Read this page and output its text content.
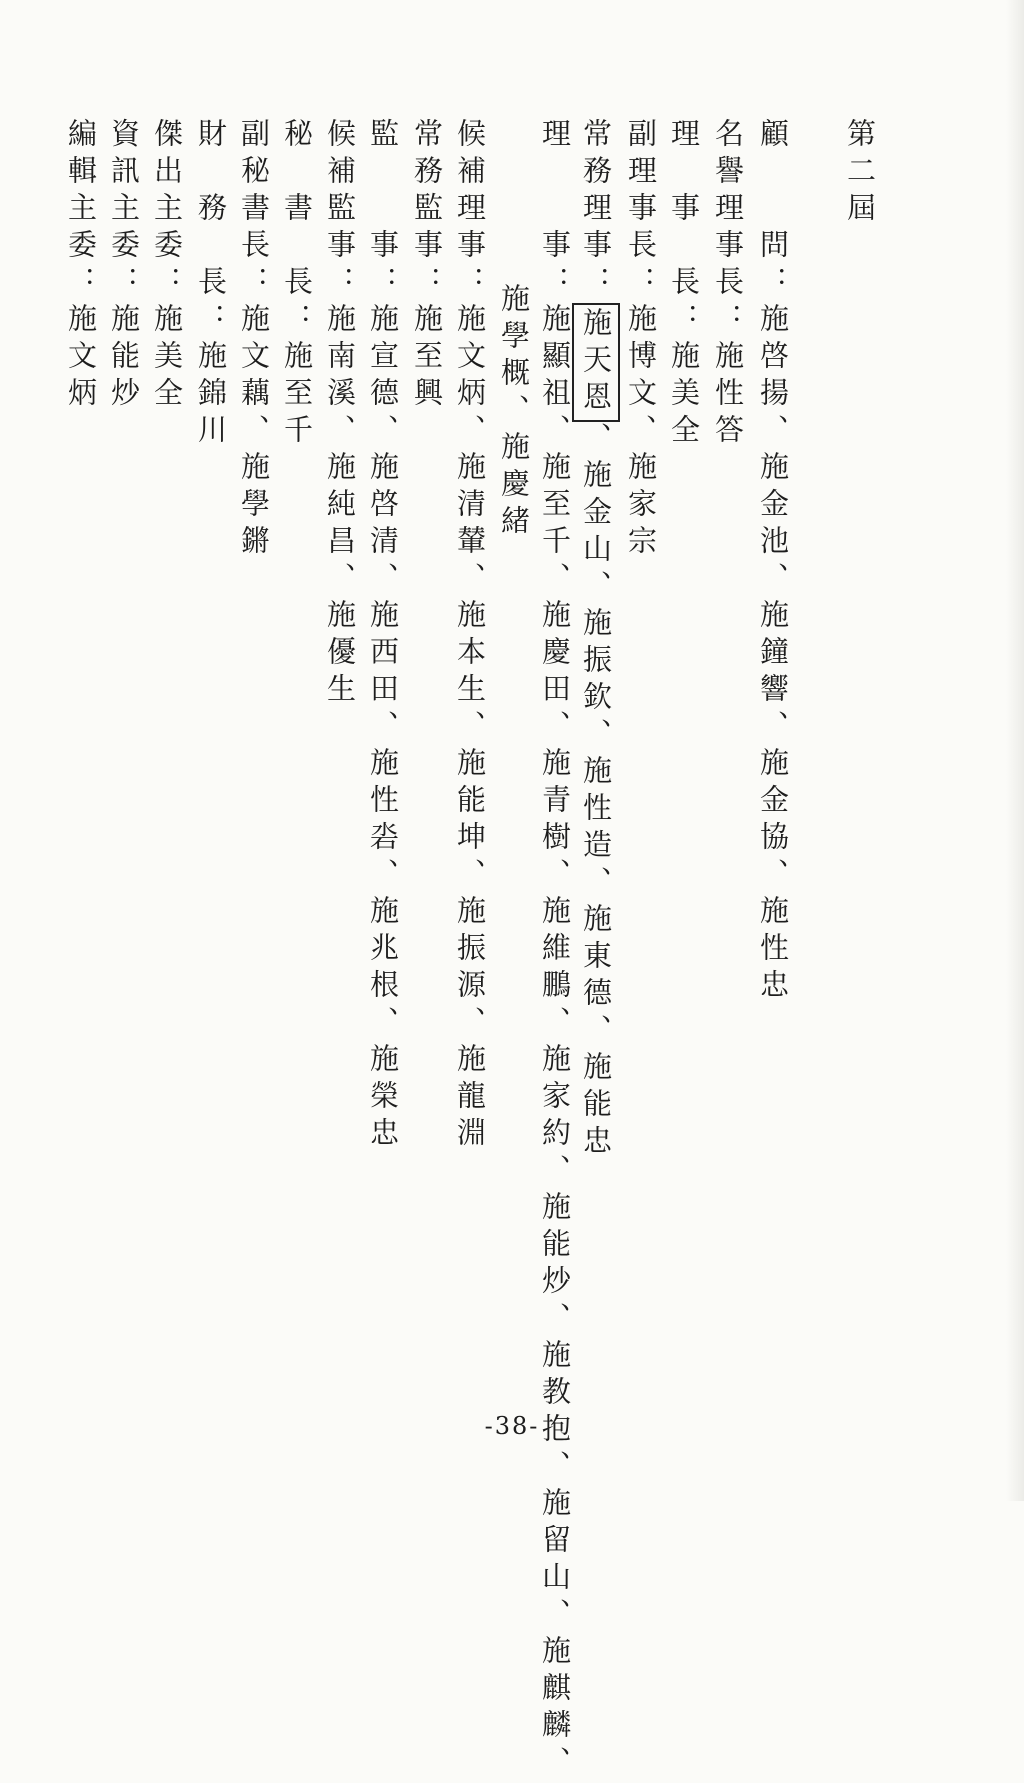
第二屆
顧　　問：施啓揚、施金池、施鐘響、施金協、施性忠
名譽理事長：施性答
理　事　長：施美全
副理事長：施博文、施家宗
常務理事：施天恩、施金山、施振欽、施性造、施東德、施能忠
理　　事：施顯祖、施至千、施慶田、施青樹、施維鵬、施家約、施能炒、施教抱、施留山、施麒麟、
施學概、施慶緒
候補理事：施文炳、施清輦、施本生、施能坤、施振源、施龍淵
常務監事：施至興
監　　事：施宣德、施啓清、施西田、施性沯、施兆根、施榮忠
候補監事：施南溪、施純昌、施優生
秘　書　長：施至千
副秘書長：施文藕、施學鏘
財　務　長：施錦川
傑出主委：施美全
資訊主委：施能炒
編輯主委：施文炳
-38-
